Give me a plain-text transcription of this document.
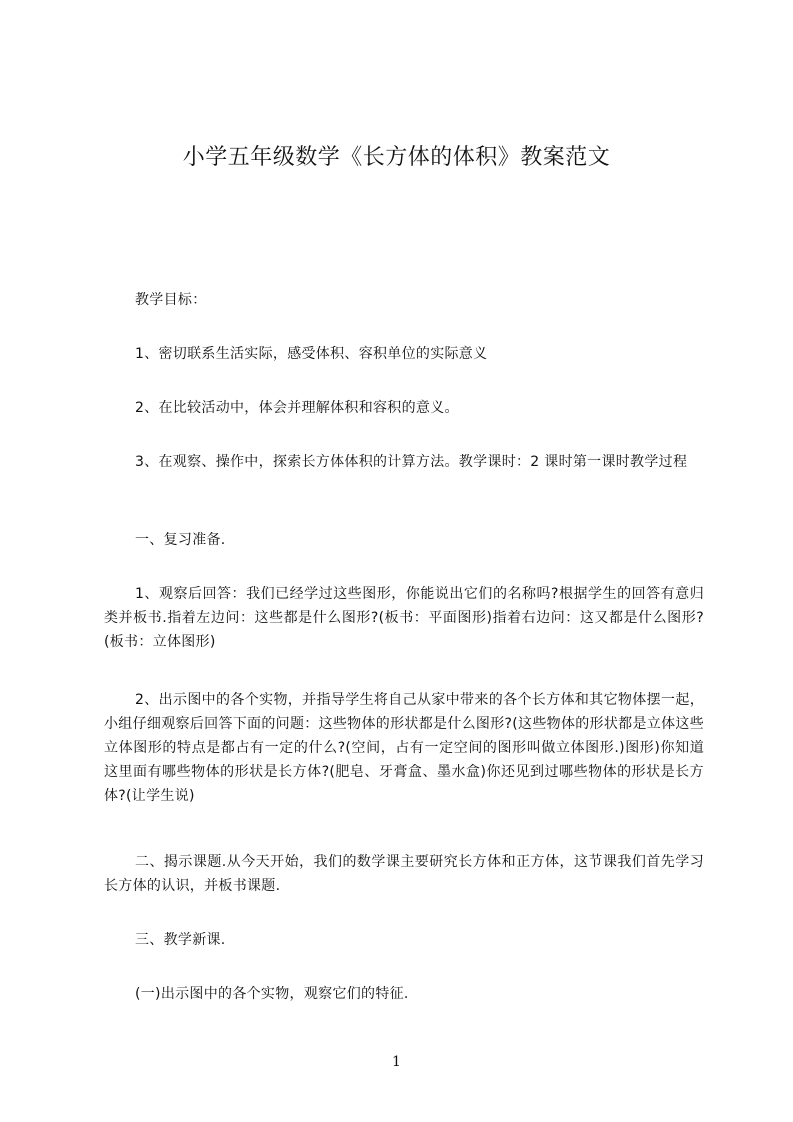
小学五年级数学《长方体的体积》教案范文

教学目标：

1、密切联系生活实际，感受体积、容积单位的实际意义

2、在比较活动中，体会并理解体积和容积的意义。

3、在观察、操作中，探索长方体体积的计算方法。教学课时：2 课时第一课时教学过程

一、复习准备.

1、观察后回答：我们已经学过这些图形，你能说出它们的名称吗?根据学生的回答有意归类并板书.指着左边问：这些都是什么图形?(板书：平面图形)指着右边问：这又都是什么图形?(板书：立体图形)

2、出示图中的各个实物，并指导学生将自己从家中带来的各个长方体和其它物体摆一起，小组仔细观察后回答下面的问题：这些物体的形状都是什么图形?(这些物体的形状都是立体这些立体图形的特点是都占有一定的什么?(空间，占有一定空间的图形叫做立体图形.)图形)你知道这里面有哪些物体的形状是长方体?(肥皂、牙膏盒、墨水盒)你还见到过哪些物体的形状是长方体?(让学生说)

二、揭示课题.从今天开始，我们的数学课主要研究长方体和正方体，这节课我们首先学习长方体的认识，并板书课题.

三、教学新课.

(一)出示图中的各个实物，观察它们的特征.

1
